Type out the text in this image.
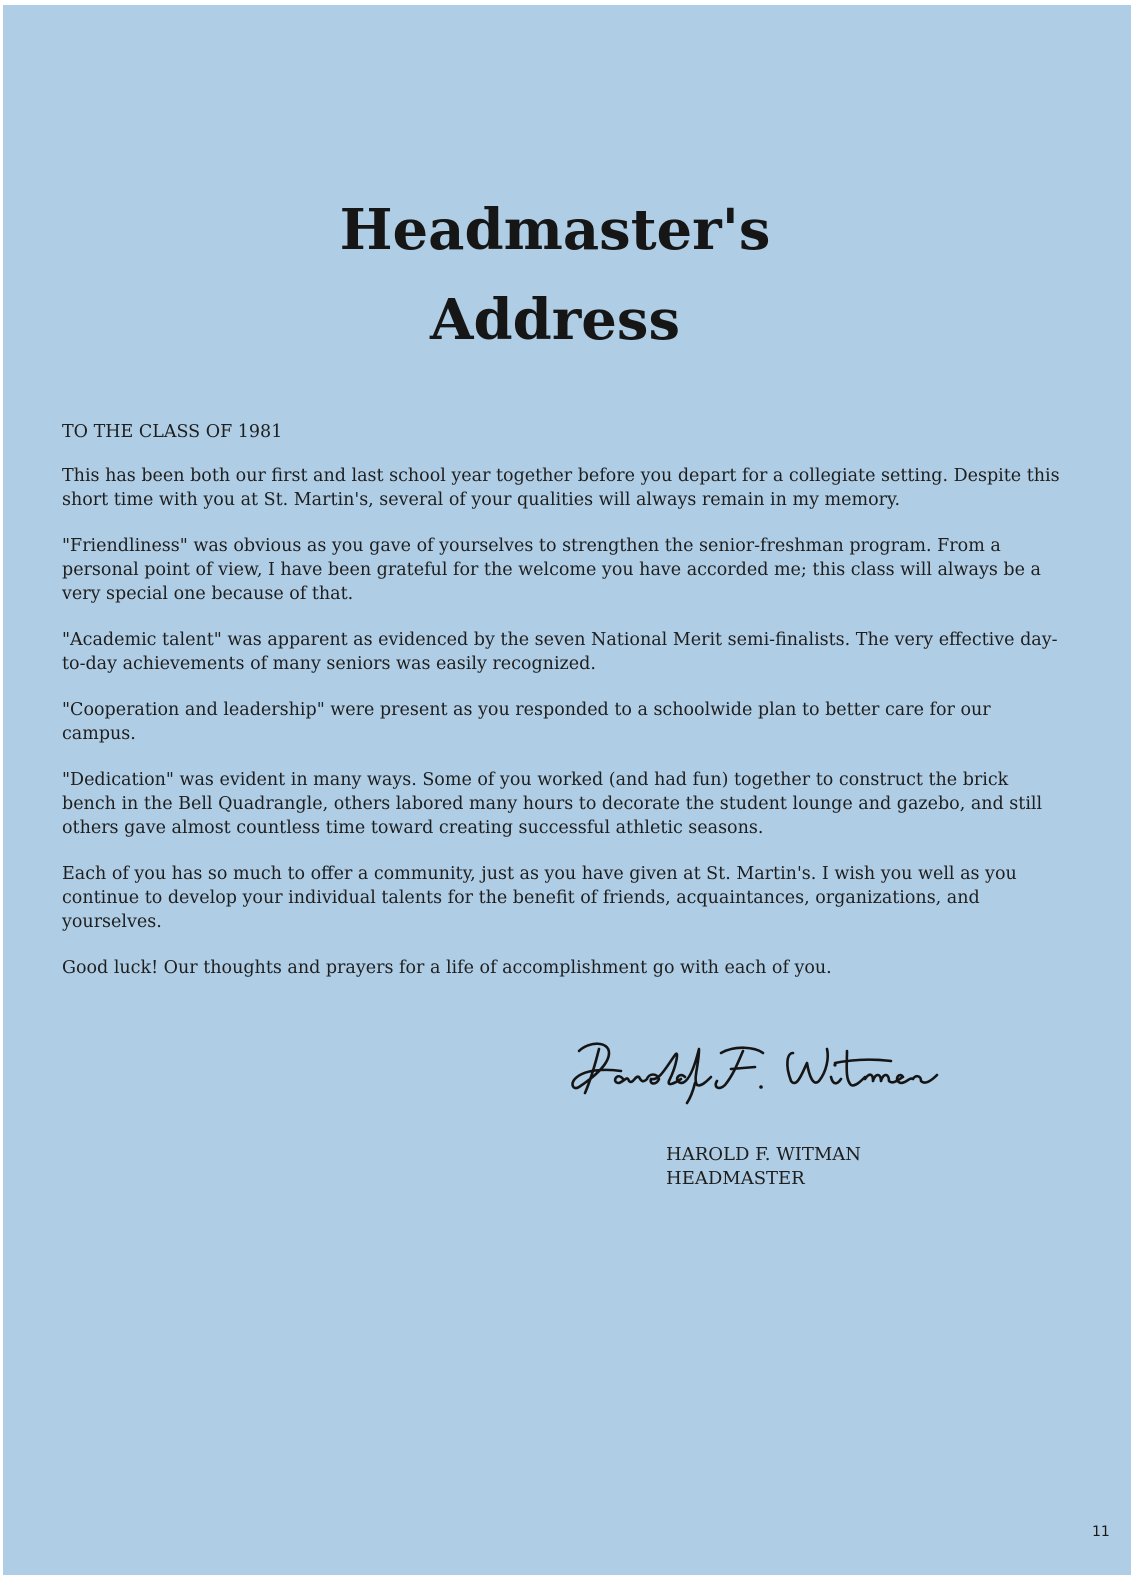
Headmaster's
Address

TO THE CLASS OF 1981

This has been both our first and last school year together before you depart for a collegiate setting. Despite this short time with you at St. Martin's, several of your qualities will always remain in my memory.

"Friendliness" was obvious as you gave of yourselves to strengthen the senior-freshman program. From a personal point of view, I have been grateful for the welcome you have accorded me; this class will always be a very special one because of that.

"Academic talent" was apparent as evidenced by the seven National Merit semi-finalists. The very effective day-to-day achievements of many seniors was easily recognized.

"Cooperation and leadership" were present as you responded to a schoolwide plan to better care for our campus.

"Dedication" was evident in many ways. Some of you worked (and had fun) together to construct the brick bench in the Bell Quadrangle, others labored many hours to decorate the student lounge and gazebo, and still others gave almost countless time toward creating successful athletic seasons.

Each of you has so much to offer a community, just as you have given at St. Martin's. I wish you well as you continue to develop your individual talents for the benefit of friends, acquaintances, organizations, and yourselves.

Good luck! Our thoughts and prayers for a life of accomplishment go with each of you.

HAROLD F. WITMAN
HEADMASTER

11
